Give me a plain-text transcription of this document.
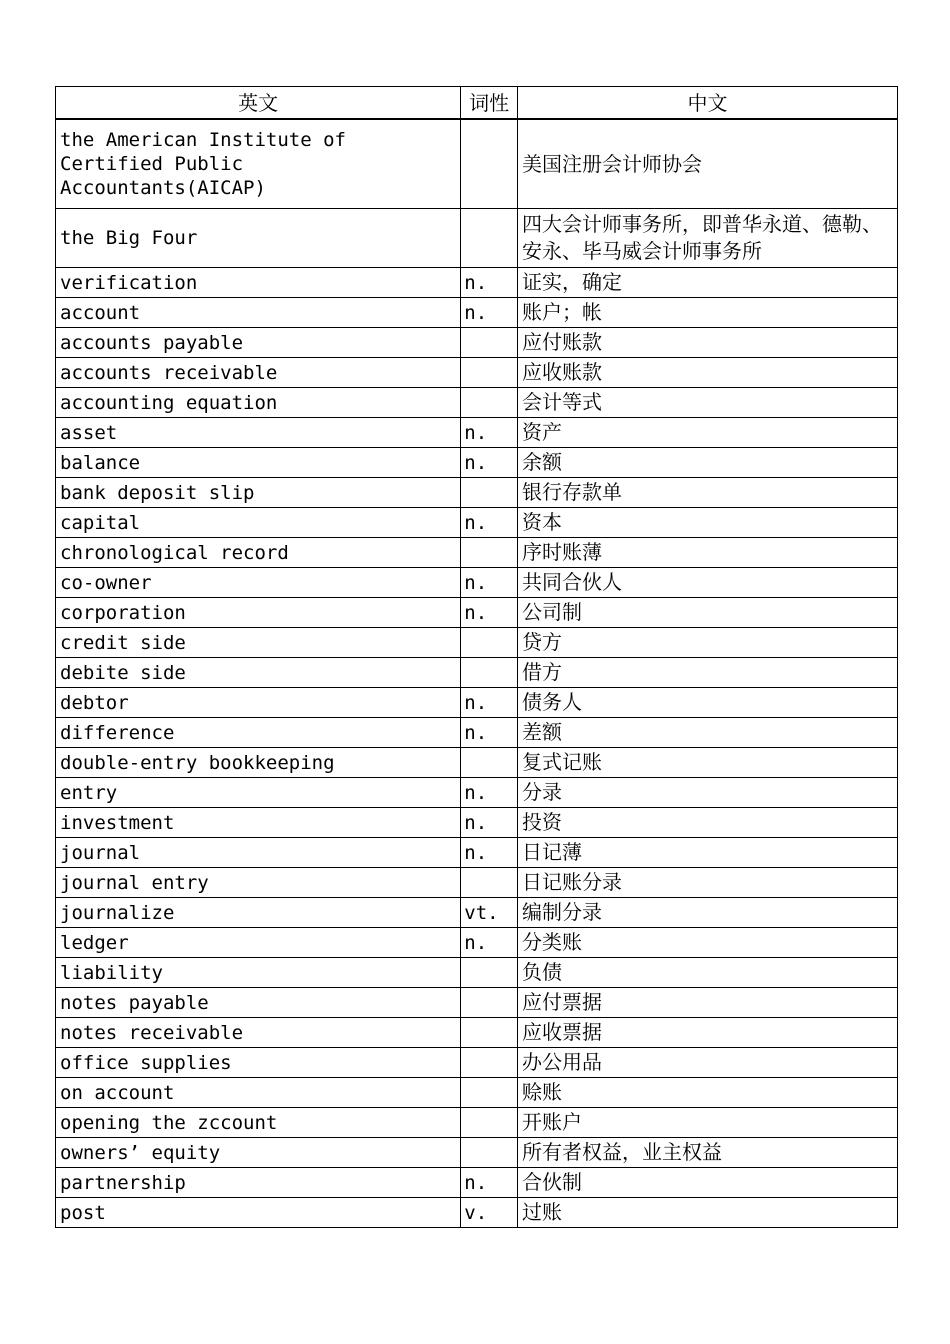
英文	词性	中文
the American Institute of Certified Public Accountants(AICAP)		美国注册会计师协会
the Big Four		四大会计师事务所，即普华永道、德勒、安永、毕马威会计师事务所
verification	n.	证实，确定
account	n.	账户；帐
accounts payable		应付账款
accounts receivable		应收账款
accounting equation		会计等式
asset	n.	资产
balance	n.	余额
bank deposit slip		银行存款单
capital	n.	资本
chronological record		序时账薄
co-owner	n.	共同合伙人
corporation	n.	公司制
credit side		贷方
debite side		借方
debtor	n.	债务人
difference	n.	差额
double-entry bookkeeping		复式记账
entry	n.	分录
investment	n.	投资
journal	n.	日记薄
journal entry		日记账分录
journalize	vt.	编制分录
ledger	n.	分类账
liability		负债
notes payable		应付票据
notes receivable		应收票据
office supplies		办公用品
on account		赊账
opening the zccount		开账户
owners’ equity		所有者权益，业主权益
partnership	n.	合伙制
post	v.	过账
